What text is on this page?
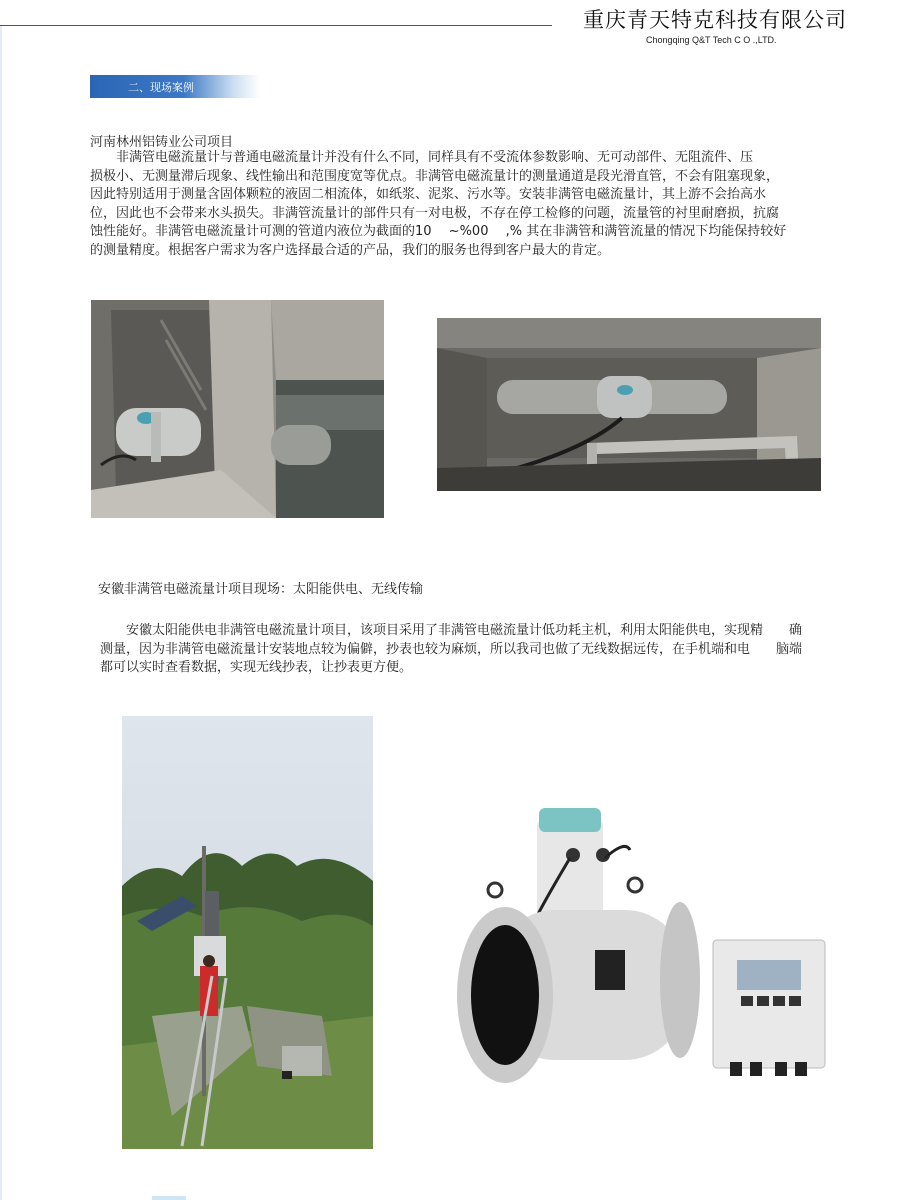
重庆青天特克科技有限公司
Chongqing Q&T Tech C O .,LTD.
二、现场案例
河南林州铝铸业公司项目
　　非满管电磁流量计与普通电磁流量计并没有什么不同，同样具有不受流体参数影响、无可动部件、无阻流件、压
损极小、无测量滞后现象、线性输出和范围度宽等优点。非满管电磁流量计的测量通道是段光滑直管，不会有阻塞现象，
因此特别适用于测量含固体颗粒的液固二相流体，如纸浆、泥浆、污水等。安装非满管电磁流量计，其上游不会抬高水
位，因此也不会带来水头损失。非满管流量计的部件只有一对电极，不存在停工检修的问题，流量管的衬里耐磨损，抗腐
蚀性能好。非满管电磁流量计可测的管道内液位为截面的10　 ~%00　 ,% 其在非满管和满管流量的情况下均能保持较好
的测量精度。根据客户需求为客户选择最合适的产品，我们的服务也得到客户最大的肯定。
安徽非满管电磁流量计项目现场：太阳能供电、无线传输
　　安徽太阳能供电非满管电磁流量计项目，该项目采用了非满管电磁流量计低功耗主机，利用太阳能供电，实现精　　确
测量，因为非满管电磁流量计安装地点较为偏僻，抄表也较为麻烦，所以我司也做了无线数据远传，在手机端和电　　脑端
都可以实时查看数据，实现无线抄表，让抄表更方便。
